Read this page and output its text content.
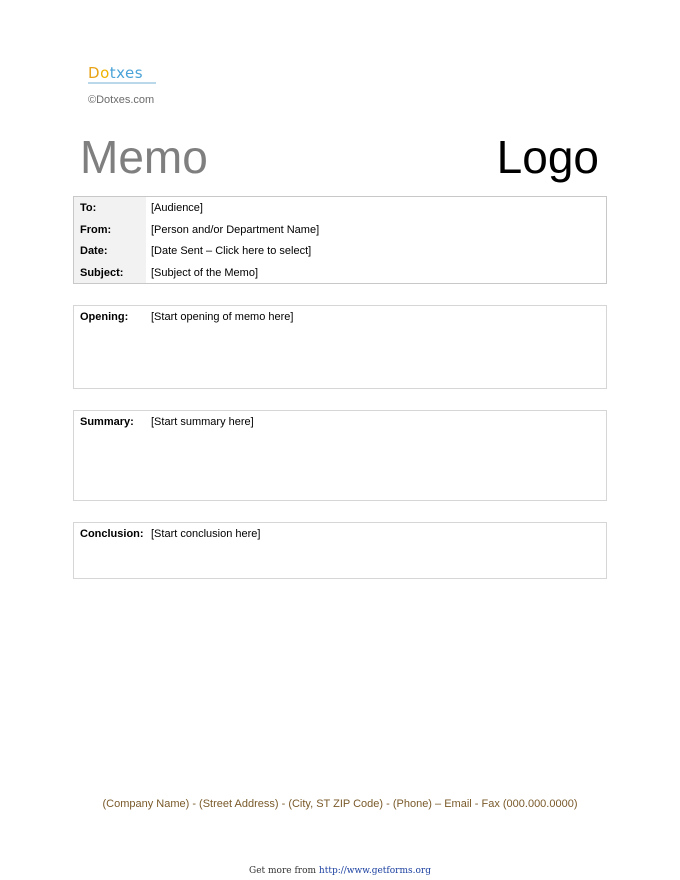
Dotxes
©Dotxes.com
Memo	Logo
To:	[Audience]
From:	[Person and/or Department Name]
Date:	[Date Sent – Click here to select]
Subject:	[Subject of the Memo]
Opening: [Start opening of memo here]
Summary: [Start summary here]
Conclusion: [Start conclusion here]
(Company Name) - (Street Address) - (City, ST ZIP Code) - (Phone) – Email - Fax (000.000.0000)
Get more from http://www.getforms.org
